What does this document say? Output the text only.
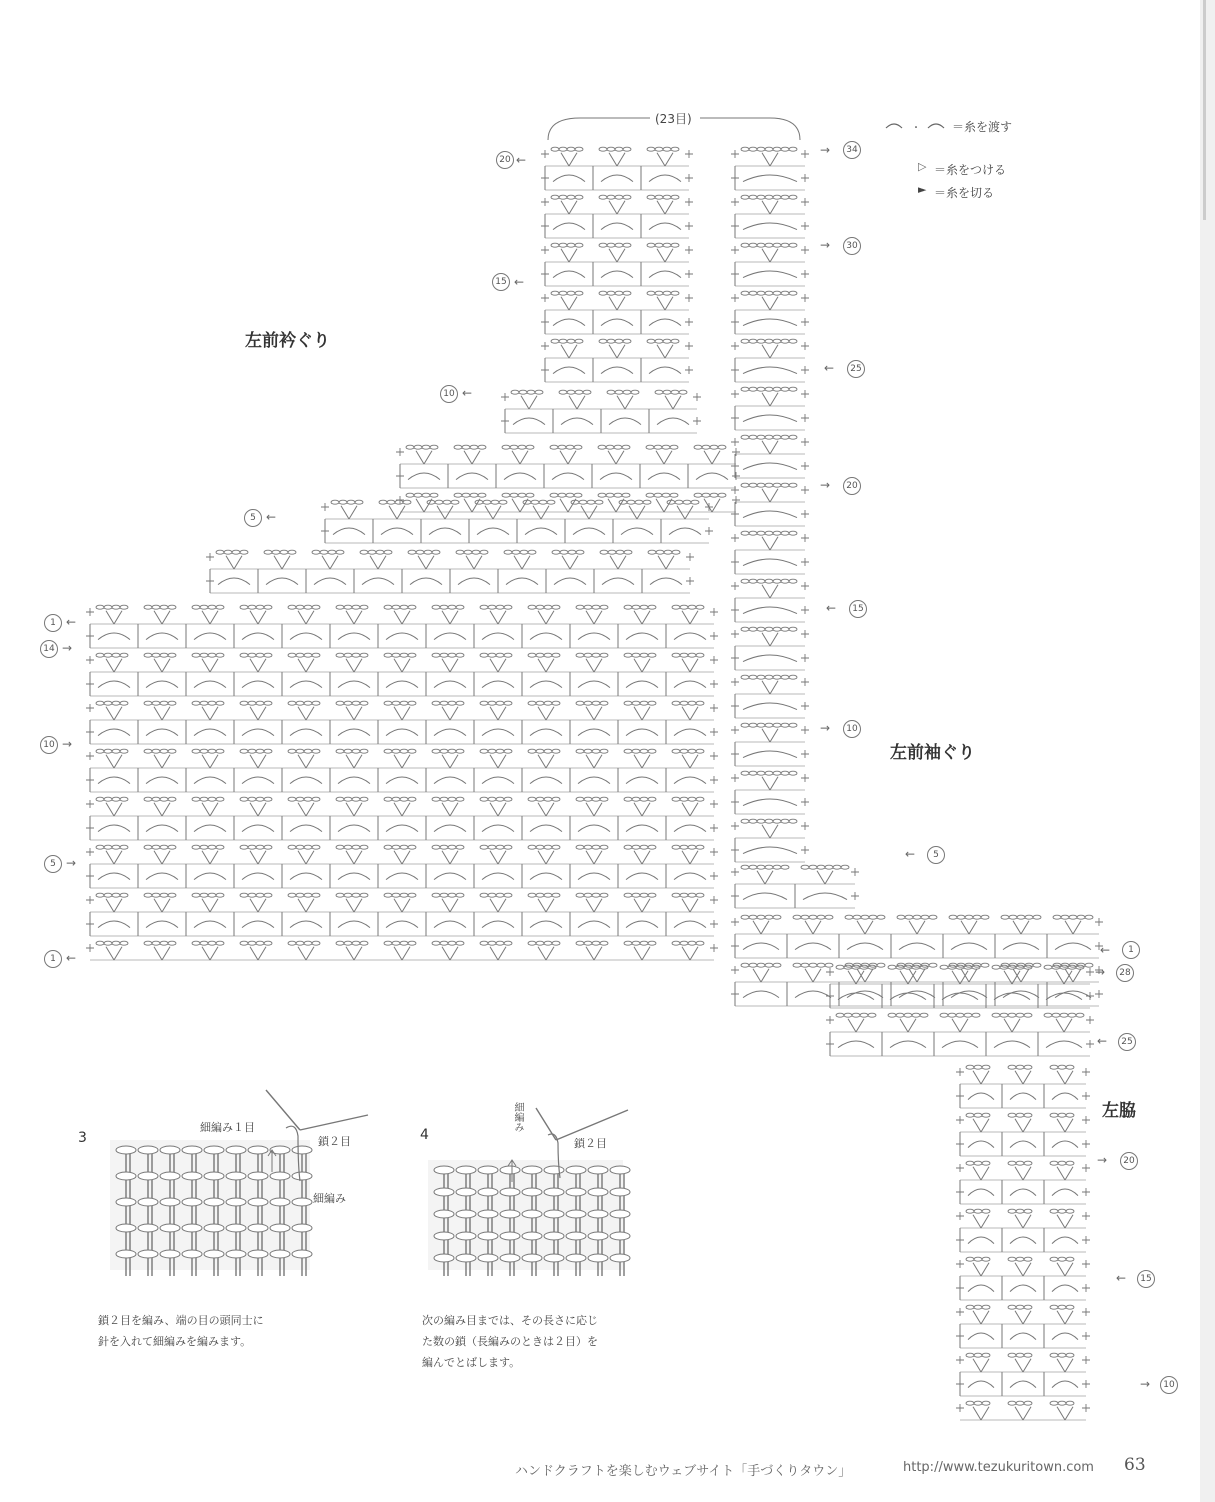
←
←
←
←
←
→
→
→
←
→
→
←
→
←
→
←
←
→
←
→
←
→
(23目)
左前衿ぐり
左前袖ぐり
左脇
・	＝糸を渡す
▷ ＝糸をつける
► ＝糸を切る
20
15
10
5
1
34
30
25
20
15
10
5
14
10
5
1
1
28
25
20
15
10
3
細編み１目
鎖２目
細編み
鎖２目を編み、端の目の頭同士に
針を入れて細編みを編みます。
4
細編み
鎖２目
次の編み目までは、その長さに応じ
た数の鎖（長編みのときは２目）を
編んでとばします。
ハンドクラフトを楽しむウェブサイト「手づくりタウン」	http://www.tezukuritown.com 63
